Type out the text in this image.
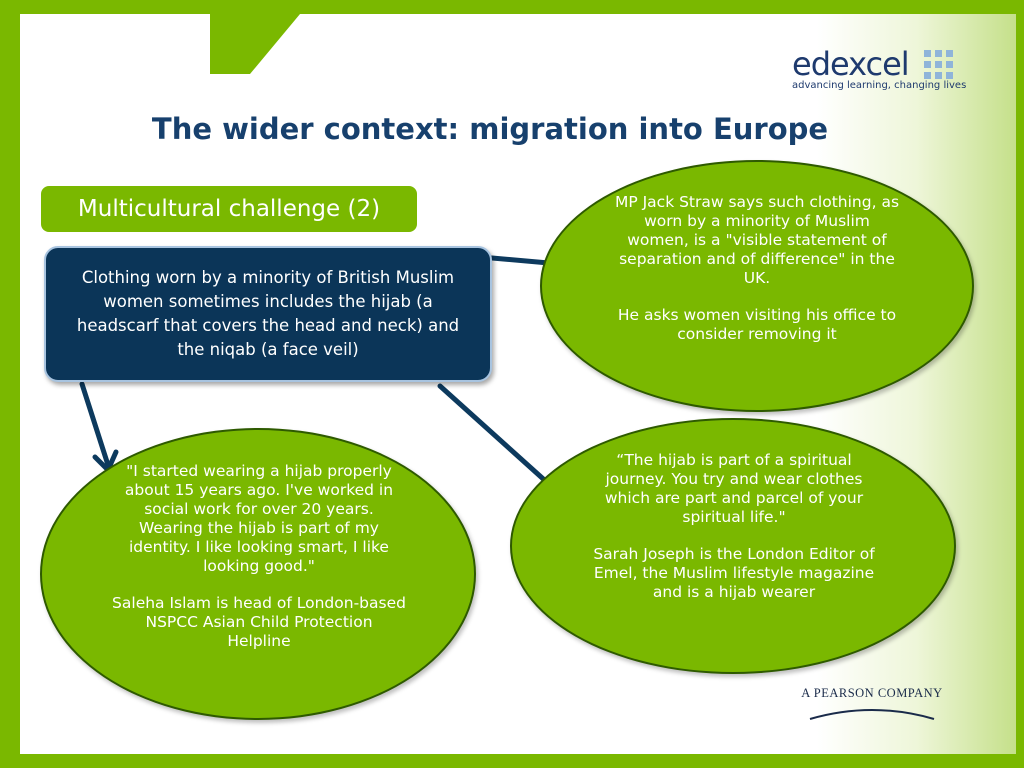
edexcel
advancing learning, changing lives
The wider context: migration into Europe
Multicultural challenge (2)
Clothing worn by a minority of British Muslim women sometimes includes the hijab (a headscarf that covers the head and neck) and the niqab (a face veil)

MP Jack Straw says such clothing, as worn by a minority of Muslim women, is a "visible statement of separation and of difference" in the UK.

He asks women visiting his office to consider removing it

"I started wearing a hijab properly about 15 years ago. I've worked in social work for over 20 years. Wearing the hijab is part of my identity. I like looking smart, I like looking good."

Saleha Islam is head of London-based NSPCC Asian Child Protection Helpline

“The hijab is part of a spiritual journey. You try and wear clothes which are part and parcel of your spiritual life."

Sarah Joseph is the London Editor of Emel, the Muslim lifestyle magazine and is a hijab wearer

A PEARSON COMPANY
